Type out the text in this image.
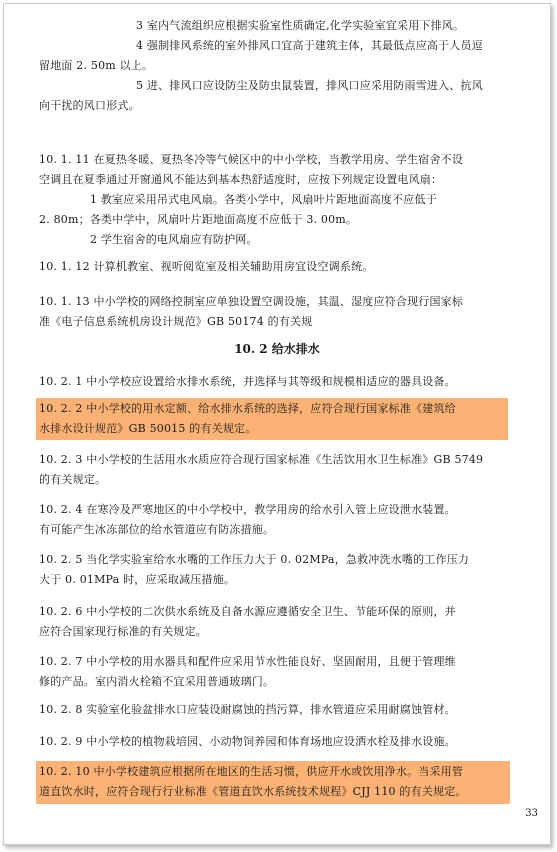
3 室内气流组织应根据实验室性质确定,化学实验室宜采用下排风。
4 强制排风系统的室外排风口宜高于建筑主体，其最低点应高于人员逗
留地面 2. 50m 以上。
5 进、排风口应设防尘及防虫鼠装置，排风口应采用防雨雪进入、抗风
向干扰的风口形式。
10. 1. 11 在夏热冬暖、夏热冬冷等气候区中的中小学校，当教学用房、学生宿舍不设
空调且在夏季通过开窗通风不能达到基本热舒适度时，应按下列规定设置电风扇：
1 教室应采用吊式电风扇。各类小学中，风扇叶片距地面高度不应低于
2. 80m；各类中学中，风扇叶片距地面高度不应低于 3. 00m。
2 学生宿舍的电风扇应有防护网。
10. 1. 12 计算机教室、视听阅览室及相关辅助用房宜设空调系统。
10. 1. 13 中小学校的网络控制室应单独设置空调设施，其温、湿度应符合现行国家标
准《电子信息系统机房设计规范》GB 50174 的有关规
10. 2 给水排水
10. 2. 1 中小学校应设置给水排水系统，并选择与其等级和规模相适应的器具设备。
10. 2. 2 中小学校的用水定额、给水排水系统的选择，应符合现行国家标准《建筑给
水排水设计规范》GB 50015 的有关规定。
10. 2. 3 中小学校的生活用水水质应符合现行国家标准《生活饮用水卫生标准》GB 5749
的有关规定。
10. 2. 4 在寒冷及严寒地区的中小学校中，教学用房的给水引入管上应设泄水装置。
有可能产生冰冻部位的给水管道应有防冻措施。
10. 2. 5 当化学实验室给水水嘴的工作压力大于 0. 02MPa，急救冲洗水嘴的工作压力
大于 0. 01MPa 时，应采取减压措施。
10. 2. 6 中小学校的二次供水系统及自备水源应遵循安全卫生、节能环保的原则，并
应符合国家现行标准的有关规定。
10. 2. 7 中小学校的用水器具和配件应采用节水性能良好、坚固耐用，且便于管理维
修的产品。室内消火栓箱不宜采用普通玻璃门。
10. 2. 8 实验室化验盆排水口应装设耐腐蚀的挡污算，排水管道应采用耐腐蚀管材。
10. 2. 9 中小学校的植物栽培园、小动物饲养园和体育场地应设洒水栓及排水设施。
10. 2. 10 中小学校建筑应根据所在地区的生活习惯，供应开水或饮用净水。当采用管
道直饮水时，应符合现行行业标准《管道直饮水系统技术规程》CJJ 110 的有关规定。
33
